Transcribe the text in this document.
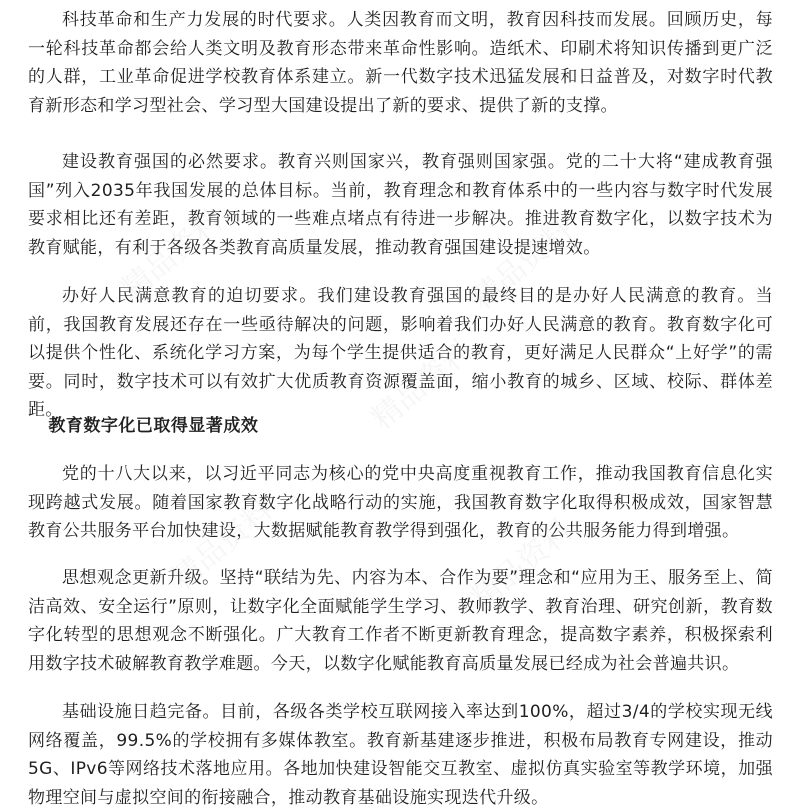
科技革命和生产力发展的时代要求。人类因教育而文明，教育因科技而发展。回顾历史，每一轮科技革命都会给人类文明及教育形态带来革命性影响。造纸术、印刷术将知识传播到更广泛的人群，工业革命促进学校教育体系建立。新一代数字技术迅猛发展和日益普及，对数字时代教育新形态和学习型社会、学习型大国建设提出了新的要求、提供了新的支撑。

建设教育强国的必然要求。教育兴则国家兴，教育强则国家强。党的二十大将“建成教育强国”列入2035年我国发展的总体目标。当前，教育理念和教育体系中的一些内容与数字时代发展要求相比还有差距，教育领域的一些难点堵点有待进一步解决。推进教育数字化，以数字技术为教育赋能，有利于各级各类教育高质量发展，推动教育强国建设提速增效。

办好人民满意教育的迫切要求。我们建设教育强国的最终目的是办好人民满意的教育。当前，我国教育发展还存在一些亟待解决的问题，影响着我们办好人民满意的教育。教育数字化可以提供个性化、系统化学习方案，为每个学生提供适合的教育，更好满足人民群众“上好学”的需要。同时，数字技术可以有效扩大优质教育资源覆盖面，缩小教育的城乡、区域、校际、群体差距。

教育数字化已取得显著成效

党的十八大以来，以习近平同志为核心的党中央高度重视教育工作，推动我国教育信息化实现跨越式发展。随着国家教育数字化战略行动的实施，我国教育数字化取得积极成效，国家智慧教育公共服务平台加快建设，大数据赋能教育教学得到强化，教育的公共服务能力得到增强。

思想观念更新升级。坚持“联结为先、内容为本、合作为要”理念和“应用为王、服务至上、简洁高效、安全运行”原则，让数字化全面赋能学生学习、教师教学、教育治理、研究创新，教育数字化转型的思想观念不断强化。广大教育工作者不断更新教育理念，提高数字素养，积极探索利用数字技术破解教育教学难题。今天，以数字化赋能教育高质量发展已经成为社会普遍共识。

基础设施日趋完备。目前，各级各类学校互联网接入率达到100%，超过3/4的学校实现无线网络覆盖，99.5%的学校拥有多媒体教室。教育新基建逐步推进，积极布局教育专网建设，推动5G、IPv6等网络技术落地应用。各地加快建设智能交互教室、虚拟仿真实验室等教学环境，加强物理空间与虚拟空间的衔接融合，推动教育基础设施实现迭代升级。

精品资料	精品资料
精品资料
精品资料	精品资料
